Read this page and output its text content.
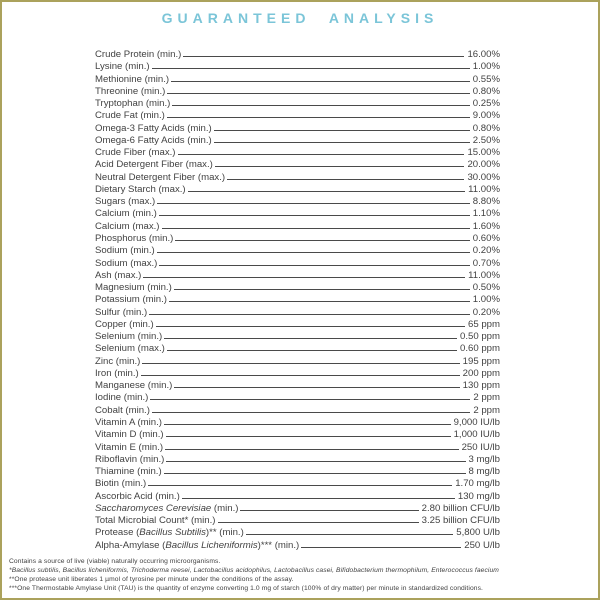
GUARANTEED ANALYSIS
Crude Protein (min.)	16.00%
Lysine (min.)	1.00%
Methionine (min.)	0.55%
Threonine (min.)	0.80%
Tryptophan (min.)	0.25%
Crude Fat (min.)	9.00%
Omega-3 Fatty Acids (min.)	0.80%
Omega-6 Fatty Acids (min.)	2.50%
Crude Fiber (max.)	15.00%
Acid Detergent Fiber (max.)	20.00%
Neutral Detergent Fiber (max.)	30.00%
Dietary Starch (max.)	11.00%
Sugars (max.)	8.80%
Calcium (min.)	1.10%
Calcium (max.)	1.60%
Phosphorus (min.)	0.60%
Sodium (min.)	0.20%
Sodium (max.)	0.70%
Ash (max.)	11.00%
Magnesium (min.)	0.50%
Potassium (min.)	1.00%
Sulfur (min.)	0.20%
Copper (min.)	65 ppm
Selenium (min.)	0.50 ppm
Selenium (max.)	0.60 ppm
Zinc (min.)	195 ppm
Iron (min.)	200 ppm
Manganese (min.)	130 ppm
Iodine (min.)	2 ppm
Cobalt (min.)	2 ppm
Vitamin A (min.)	9,000 IU/lb
Vitamin D (min.)	1,000 IU/lb
Vitamin E (min.)	250 IU/lb
Riboflavin (min.)	3 mg/lb
Thiamine (min.)	8 mg/lb
Biotin (min.)	1.70 mg/lb
Ascorbic Acid (min.)	130 mg/lb
Saccharomyces Cerevisiae (min.)	2.80 billion CFU/lb
Total Microbial Count* (min.)	3.25 billion CFU/lb
Protease (Bacillus Subtilis)** (min.)	5,800 U/lb
Alpha-Amylase (Bacillus Licheniformis)*** (min.)	250 U/lb
Contains a source of live (viable) naturally occurring microorganisms.
*Bacillus subtilis, Bacillus licheniformis, Trichoderma reesei, Lactobacillus acidophilus, Lactobacillus casei, Bifidobacterium thermophilum, Enterococcus faecium
**One protease unit liberates 1 µmol of tyrosine per minute under the conditions of the assay.
***One Thermostable Amylase Unit (TAU) is the quantity of enzyme converting 1.0 mg of starch (100% of dry matter) per minute in standardized conditions.
